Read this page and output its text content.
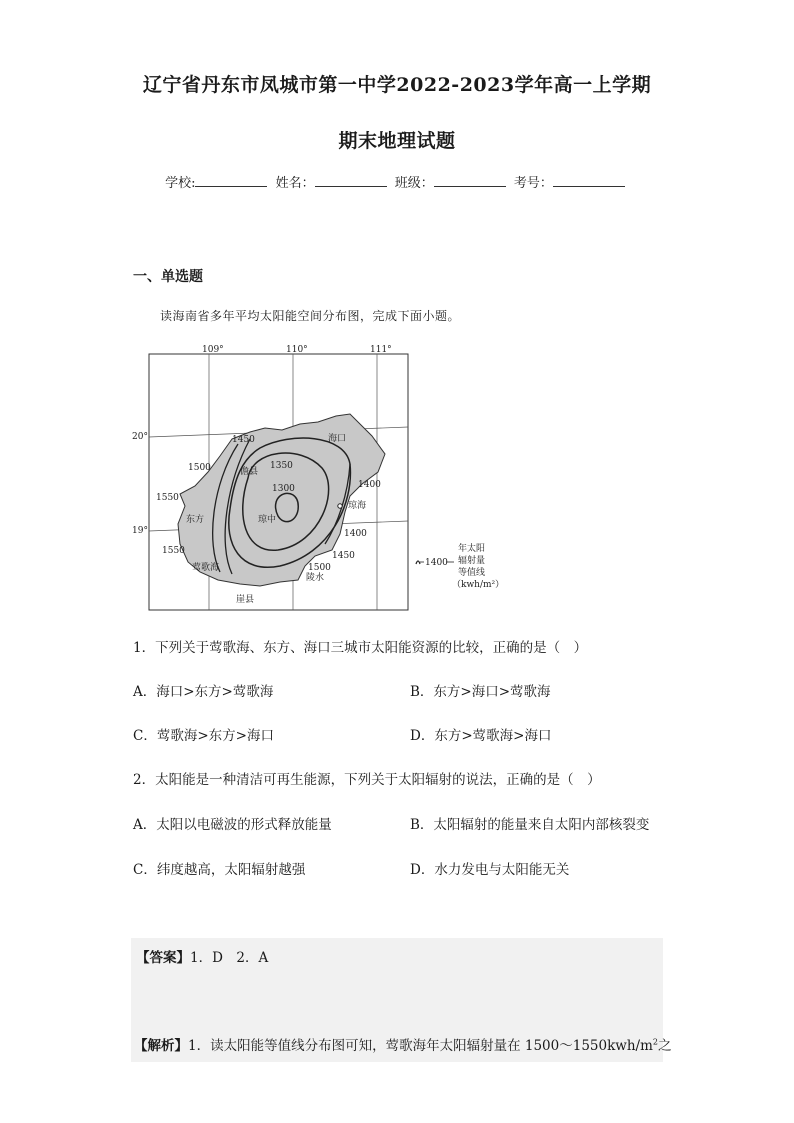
辽宁省丹东市凤城市第一中学2022-2023学年高一上学期
期末地理试题
学校:	姓名：	班级：	考号：
一、单选题
读海南省多年平均太阳能空间分布图，完成下面小题。
109°	110°	111°
20°
19°
海口
儋县
东方	琼中
琼海
莺歌海
陵水
崖县
1450
1500
1550
1550
1350
1300	1400
1400
1450
1500	1400
年太阳
辐射量
等值线
（kwh/m²）
1．下列关于莺歌海、东方、海口三城市太阳能资源的比较，正确的是（　）
A．海口>东方>莺歌海	B．东方>海口>莺歌海
C．莺歌海>东方>海口	D．东方>莺歌海>海口
2．太阳能是一种清洁可再生能源，下列关于太阳辐射的说法，正确的是（　）
A．太阳以电磁波的形式释放能量	B．太阳辐射的能量来自太阳内部核裂变
C．纬度越高，太阳辐射越强	D．水力发电与太阳能无关
【答案】1．D　2．A
【解析】1．读太阳能等值线分布图可知，莺歌海年太阳辐射量在 $1500\sim 1550kwh/m^2$之
